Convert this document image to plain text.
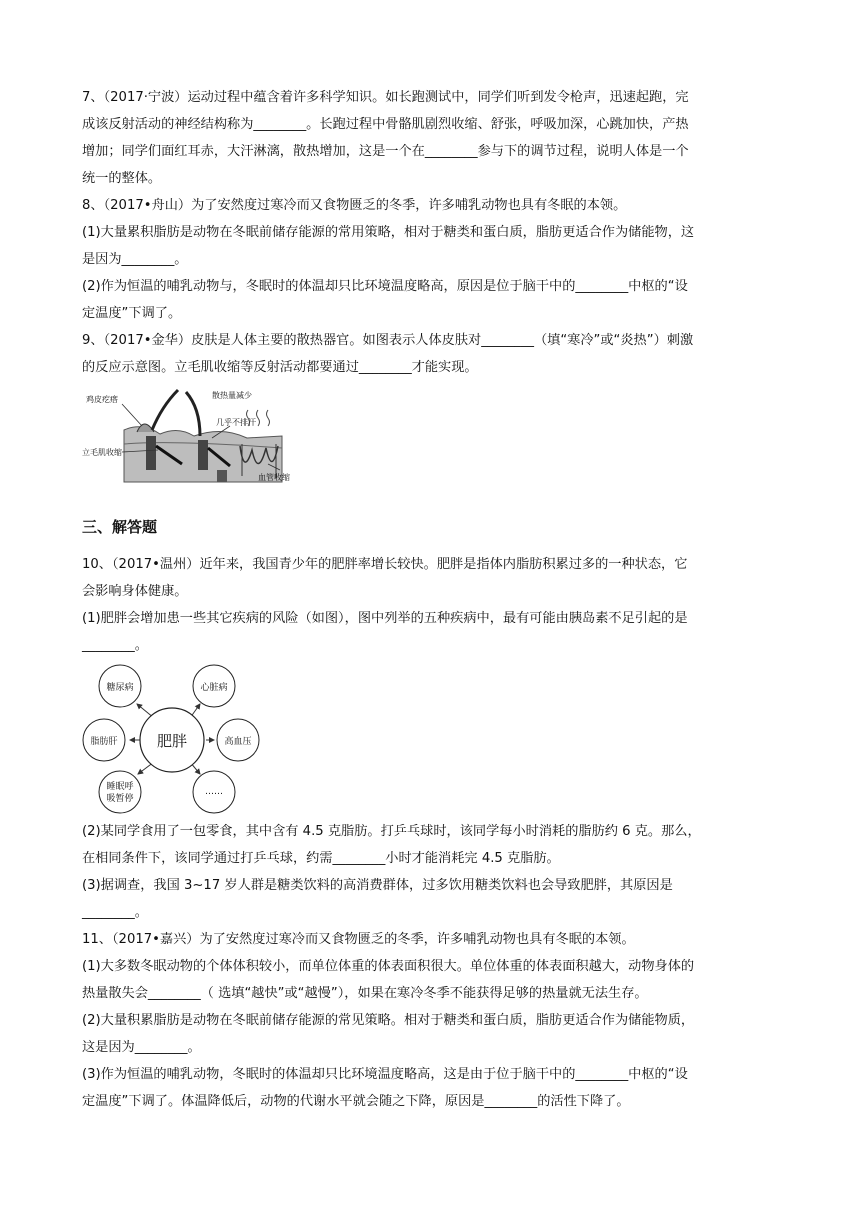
7、（2017·宁波）运动过程中蕴含着许多科学知识。如长跑测试中，同学们听到发令枪声，迅速起跑，完

成该反射活动的神经结构称为________。长跑过程中骨骼肌剧烈收缩、舒张，呼吸加深，心跳加快，产热

增加；同学们面红耳赤，大汗淋漓，散热增加，这是一个在________参与下的调节过程，说明人体是一个

统一的整体。

8、（2017•舟山）为了安然度过寒冷而又食物匮乏的冬季，许多哺乳动物也具有冬眠的本领。

(1)大量累积脂肪是动物在冬眠前储存能源的常用策略，相对于糖类和蛋白质，脂肪更适合作为储能物，这

是因为________。

(2)作为恒温的哺乳动物与，冬眠时的体温却只比环境温度略高，原因是位于脑干中的________中枢的“设

定温度”下调了。

9、（2017•金华）皮肤是人体主要的散热器官。如图表示人体皮肤对________（填“寒冷”或“炎热”）刺激

的反应示意图。立毛肌收缩等反射活动都要通过________才能实现。

鸡皮疙瘩	散热量减少
几乎不排汗
立毛肌收缩
血管收缩

三、解答题

10、（2017•温州）近年来，我国青少年的肥胖率增长较快。肥胖是指体内脂肪积累过多的一种状态，它

会影响身体健康。

(1)肥胖会增加患一些其它疾病的风险（如图），图中列举的五种疾病中，最有可能由胰岛素不足引起的是

________。

肥胖
糖尿病	心脏病
高血压
……
睡眠呼
吸暂停
脂肪肝

(2)某同学食用了一包零食，其中含有 4.5 克脂肪。打乒乓球时，该同学每小时消耗的脂肪约 6 克。那么，

在相同条件下，该同学通过打乒乓球，约需________小时才能消耗完 4.5 克脂肪。

(3)据调查，我国 3~17 岁人群是糖类饮料的高消费群体，过多饮用糖类饮料也会导致肥胖，其原因是

________。

11、（2017•嘉兴）为了安然度过寒冷而又食物匮乏的冬季，许多哺乳动物也具有冬眠的本领。

(1)大多数冬眠动物的个体体积较小，而单位体重的体表面积很大。单位体重的体表面积越大，动物身体的

热量散失会________（ 选填“越快”或“越慢”），如果在寒冷冬季不能获得足够的热量就无法生存。

(2)大量积累脂肪是动物在冬眠前储存能源的常见策略。相对于糖类和蛋白质，脂肪更适合作为储能物质，

这是因为________。

(3)作为恒温的哺乳动物，冬眠时的体温却只比环境温度略高，这是由于位于脑干中的________中枢的“设

定温度”下调了。体温降低后，动物的代谢水平就会随之下降，原因是________的活性下降了。
